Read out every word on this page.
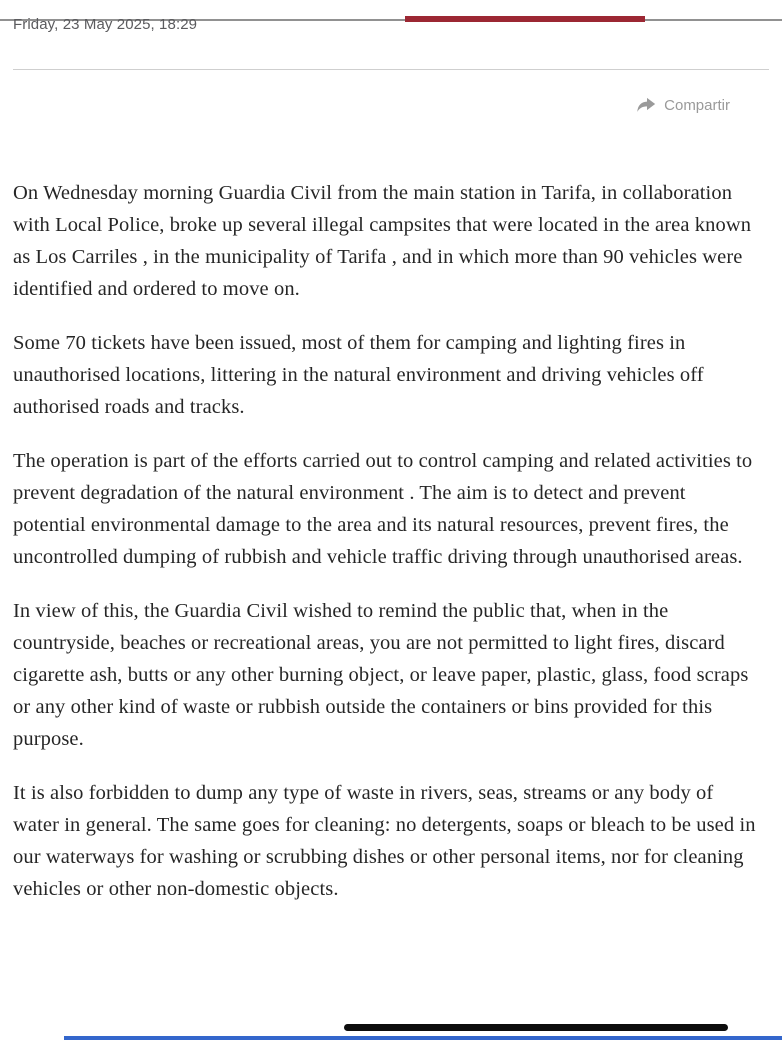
Friday, 23 May 2025, 18:29
Compartir

On Wednesday morning Guardia Civil from the main station in Tarifa, in collaboration with Local Police, broke up several illegal campsites that were located in the area known as Los Carriles , in the municipality of Tarifa , and in which more than 90 vehicles were identified and ordered to move on.

Some 70 tickets have been issued, most of them for camping and lighting fires in unauthorised locations, littering in the natural environment and driving vehicles off authorised roads and tracks.

The operation is part of the efforts carried out to control camping and related activities to prevent degradation of the natural environment . The aim is to detect and prevent potential environmental damage to the area and its natural resources, prevent fires, the uncontrolled dumping of rubbish and vehicle traffic driving through unauthorised areas.

In view of this, the Guardia Civil wished to remind the public that, when in the countryside, beaches or recreational areas, you are not permitted to light fires, discard cigarette ash, butts or any other burning object, or leave paper, plastic, glass, food scraps or any other kind of waste or rubbish outside the containers or bins provided for this purpose.

It is also forbidden to dump any type of waste in rivers, seas, streams or any body of water in general. The same goes for cleaning: no detergents, soaps or bleach to be used in our waterways for washing or scrubbing dishes or other personal items, nor for cleaning vehicles or other non-domestic objects.
